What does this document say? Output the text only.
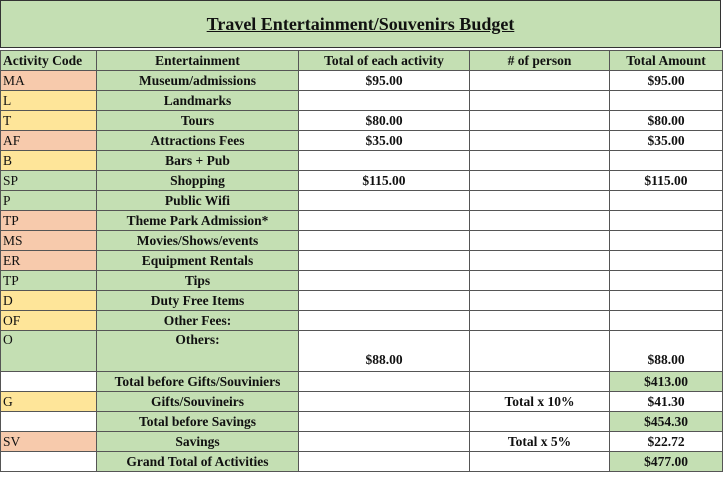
Travel Entertainment/Souvenirs Budget
Activity Code	Entertainment	Total of each activity	# of person	Total Amount
MA	Museum/admissions	$95.00		$95.00
L	Landmarks			
T	Tours	$80.00		$80.00
AF	Attractions Fees	$35.00		$35.00
B	Bars + Pub			
SP	Shopping	$115.00		$115.00
P	Public Wifi			
TP	Theme Park Admission*			
MS	Movies/Shows/events			
ER	Equipment Rentals			
TP	Tips			
D	Duty Free Items			
OF	Other Fees:			
O	Others:	$88.00		$88.00
	Total before Gifts/Souviniers			$413.00
G	Gifts/Souvineirs		Total x 10%	$41.30
	Total before Savings			$454.30
SV	Savings		Total x 5%	$22.72
	Grand Total of Activities			$477.00
